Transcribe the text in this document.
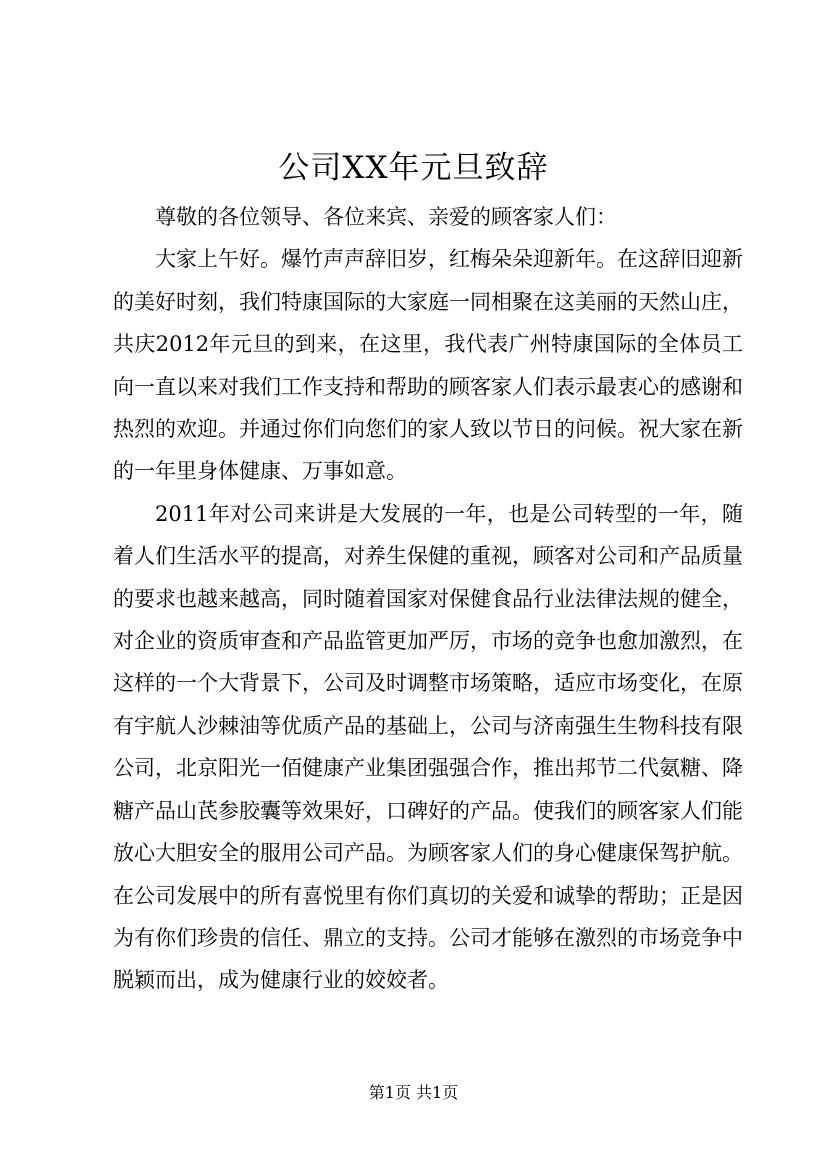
公司XX年元旦致辞

尊敬的各位领导、各位来宾、亲爱的顾客家人们：

大家上午好。爆竹声声辞旧岁，红梅朵朵迎新年。在这辞旧迎新的美好时刻，我们特康国际的大家庭一同相聚在这美丽的天然山庄，共庆2012年元旦的到来，在这里，我代表广州特康国际的全体员工向一直以来对我们工作支持和帮助的顾客家人们表示最衷心的感谢和热烈的欢迎。并通过你们向您们的家人致以节日的问候。祝大家在新的一年里身体健康、万事如意。

2011年对公司来讲是大发展的一年，也是公司转型的一年，随着人们生活水平的提高，对养生保健的重视，顾客对公司和产品质量的要求也越来越高，同时随着国家对保健食品行业法律法规的健全，对企业的资质审查和产品监管更加严厉，市场的竞争也愈加激烈，在这样的一个大背景下，公司及时调整市场策略，适应市场变化，在原有宇航人沙棘油等优质产品的基础上，公司与济南强生生物科技有限公司，北京阳光一佰健康产业集团强强合作，推出邦节二代氨糖、降糖产品山芪参胶囊等效果好，口碑好的产品。使我们的顾客家人们能放心大胆安全的服用公司产品。为顾客家人们的身心健康保驾护航。在公司发展中的所有喜悦里有你们真切的关爱和诚挚的帮助；正是因为有你们珍贵的信任、鼎立的支持。公司才能够在激烈的市场竞争中脱颖而出，成为健康行业的姣姣者。

第1页 共1页
